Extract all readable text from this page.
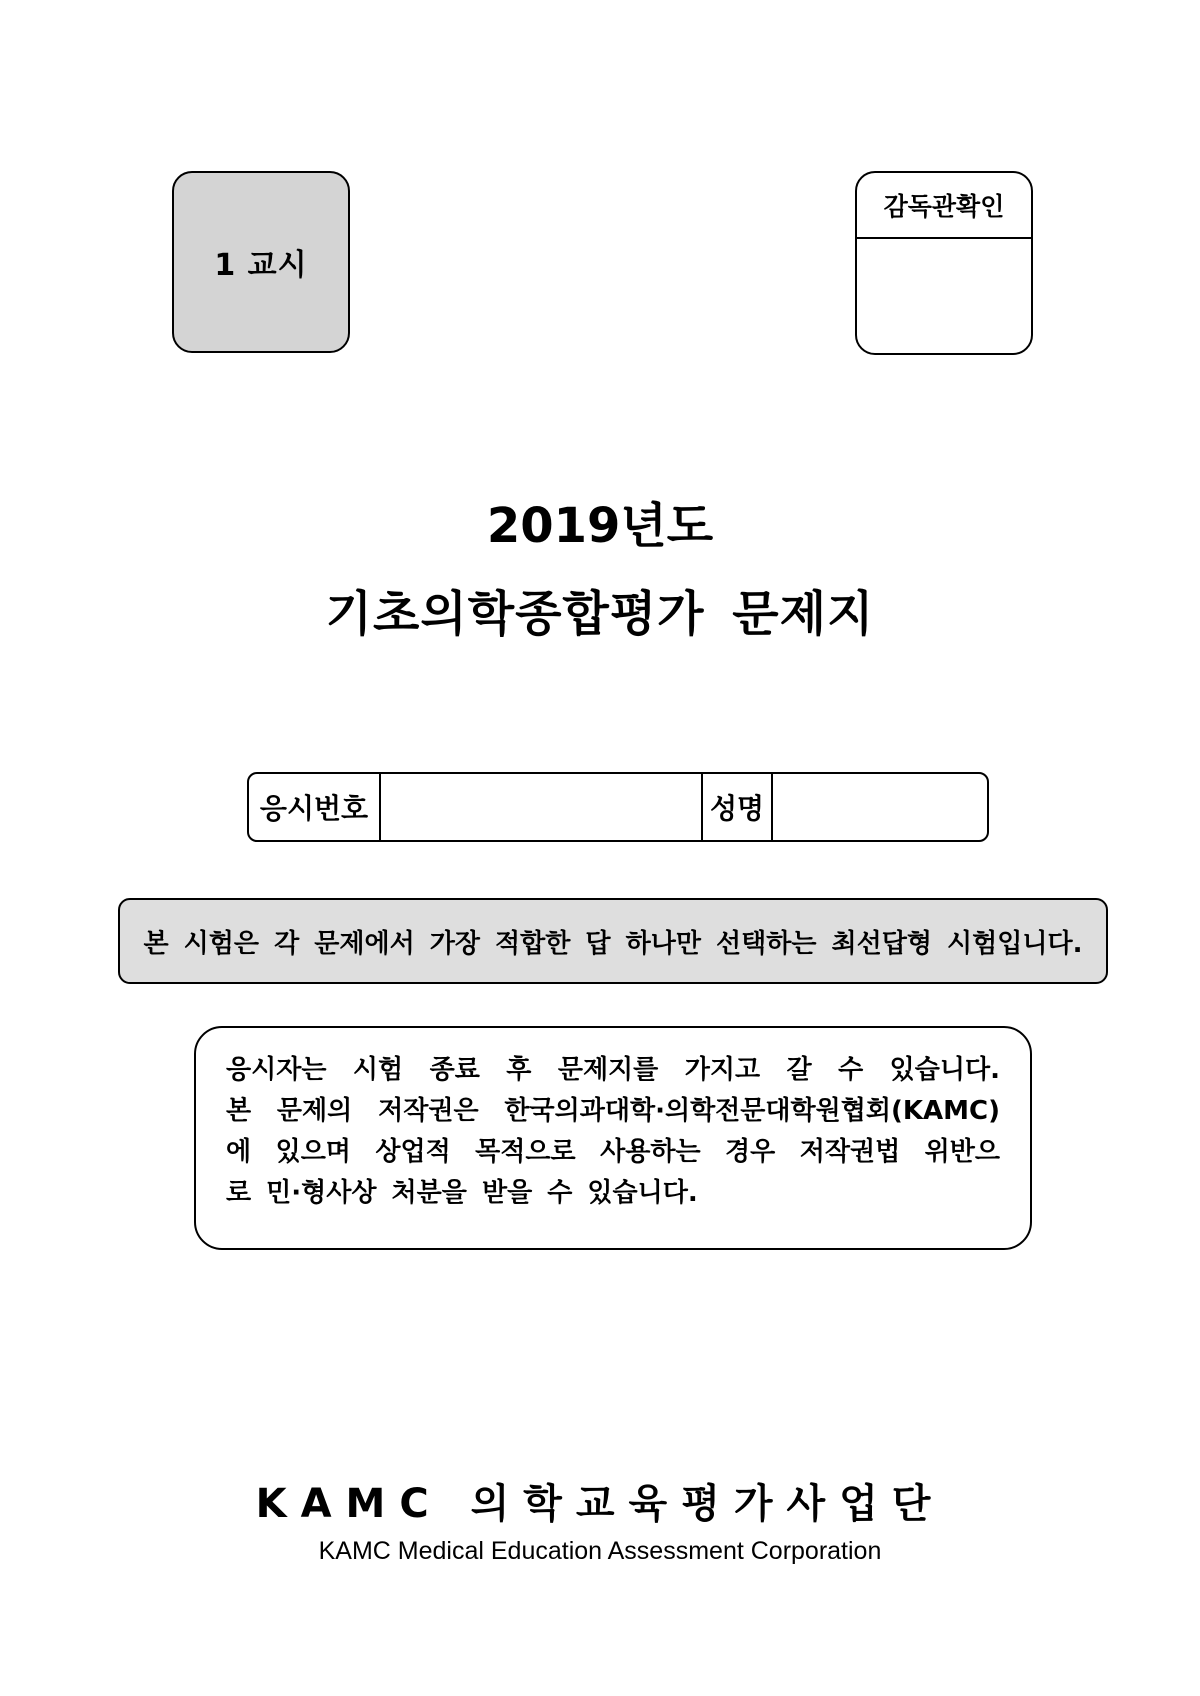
1 교시
감독관확인
2019년도
기초의학종합평가 문제지
응시번호	성명
본 시험은 각 문제에서 가장 적합한 답 하나만 선택하는 최선답형 시험입니다.
응시자는 시험 종료 후 문제지를 가지고 갈 수 있습니다.
본 문제의 저작권은 한국의과대학·의학전문대학원협회(KAMC)
에 있으며 상업적 목적으로 사용하는 경우 저작권법 위반으
로 민·형사상 처분을 받을 수 있습니다.
KAMC 의학교육평가사업단
KAMC Medical Education Assessment Corporation
